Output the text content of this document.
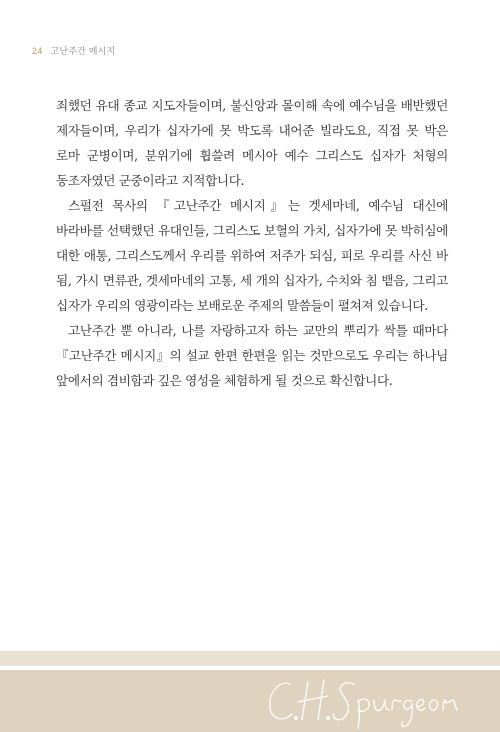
24 고난주간 메시지

죄했던 유대 종교 지도자들이며, 불신앙과 몰이해 속에 예수님을 배반했던 제자들이며, 우리가 십자가에 못 박도록 내어준 빌라도요, 직접 못 박은 로마 군병이며, 분위기에 휩쓸려 메시아 예수 그리스도 십자가 처형의 동조자였던 군중이라고 지적합니다.

스펄전 목사의 『고난주간 메시지』는 겟세마네, 예수님 대신에 바라바를 선택했던 유대인들, 그리스도 보혈의 가치, 십자가에 못 박히심에 대한 애통, 그리스도께서 우리를 위하여 저주가 되심, 피로 우리를 사신 바 됨, 가시 면류관, 겟세마네의 고통, 세 개의 십자가, 수치와 침 뱉음, 그리고 십자가 우리의 영광이라는 보배로운 주제의 말씀들이 펼쳐져 있습니다.

고난주간 뿐 아니라, 나를 자랑하고자 하는 교만의 뿌리가 싹틀 때마다 『고난주간 메시지』의 설교 한편 한편을 읽는 것만으로도 우리는 하나님 앞에서의 겸비함과 깊은 영성을 체험하게 될 것으로 확신합니다.
